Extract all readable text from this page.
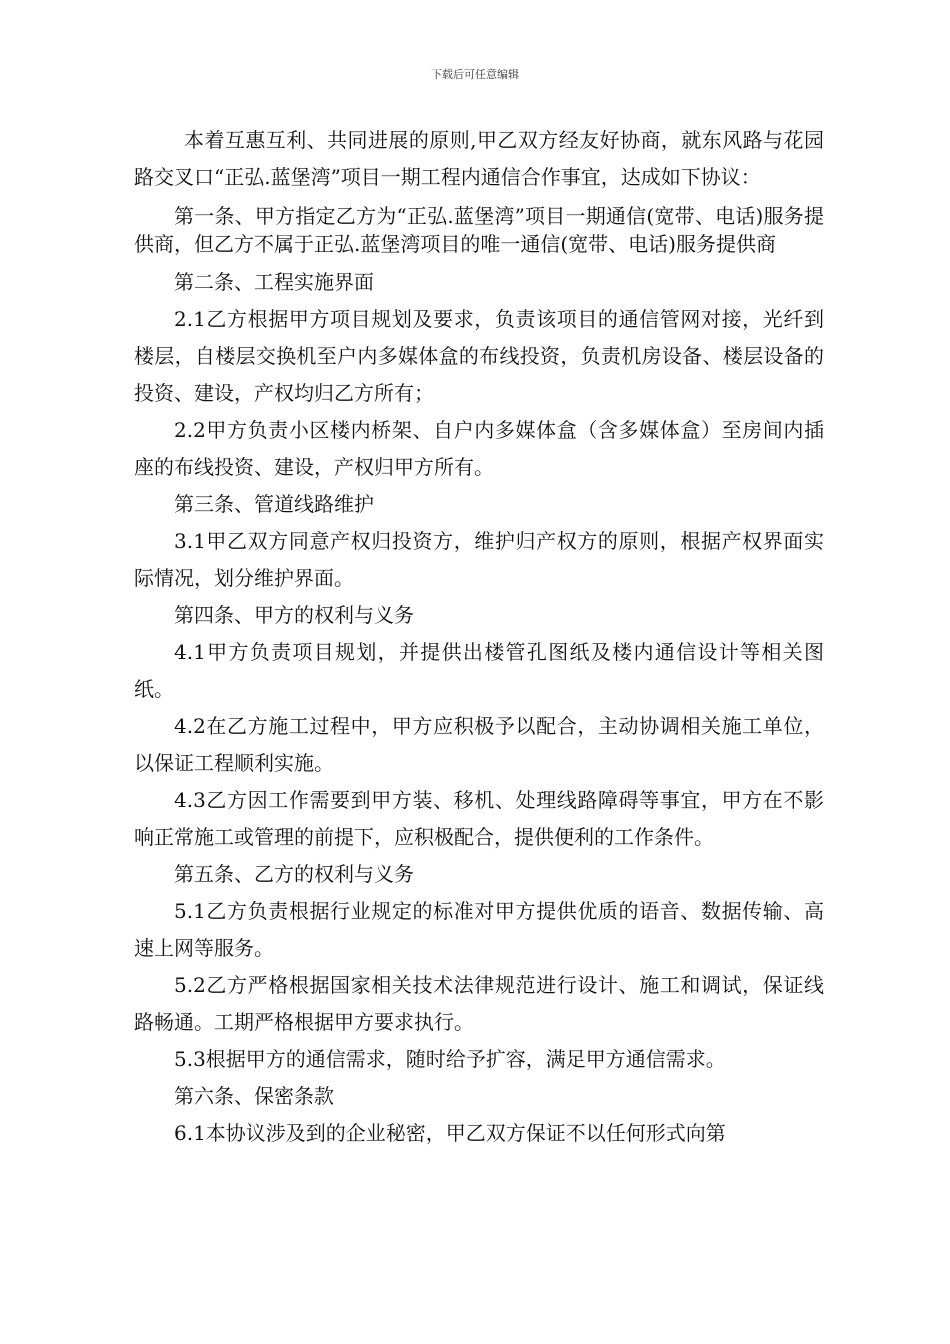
下载后可任意编辑

本着互惠互利、共同进展的原则,甲乙双方经友好协商，就东风路与花园路交叉口“正弘.蓝堡湾”项目一期工程内通信合作事宜，达成如下协议：

第一条、甲方指定乙方为“正弘.蓝堡湾”项目一期通信(宽带、电话)服务提供商，但乙方不属于正弘.蓝堡湾项目的唯一通信(宽带、电话)服务提供商

第二条、工程实施界面

2.1乙方根据甲方项目规划及要求，负责该项目的通信管网对接，光纤到楼层，自楼层交换机至户内多媒体盒的布线投资，负责机房设备、楼层设备的投资、建设，产权均归乙方所有；

2.2甲方负责小区楼内桥架、自户内多媒体盒（含多媒体盒）至房间内插座的布线投资、建设，产权归甲方所有。

第三条、管道线路维护

3.1甲乙双方同意产权归投资方，维护归产权方的原则，根据产权界面实际情况，划分维护界面。

第四条、甲方的权利与义务

4.1甲方负责项目规划，并提供出楼管孔图纸及楼内通信设计等相关图纸。

4.2在乙方施工过程中，甲方应积极予以配合，主动协调相关施工单位，以保证工程顺利实施。

4.3乙方因工作需要到甲方装、移机、处理线路障碍等事宜，甲方在不影响正常施工或管理的前提下，应积极配合，提供便利的工作条件。

第五条、乙方的权利与义务

5.1乙方负责根据行业规定的标准对甲方提供优质的语音、数据传输、高速上网等服务。

5.2乙方严格根据国家相关技术法律规范进行设计、施工和调试，保证线路畅通。工期严格根据甲方要求执行。

5.3根据甲方的通信需求，随时给予扩容，满足甲方通信需求。

第六条、保密条款

6.1本协议涉及到的企业秘密，甲乙双方保证不以任何形式向第
